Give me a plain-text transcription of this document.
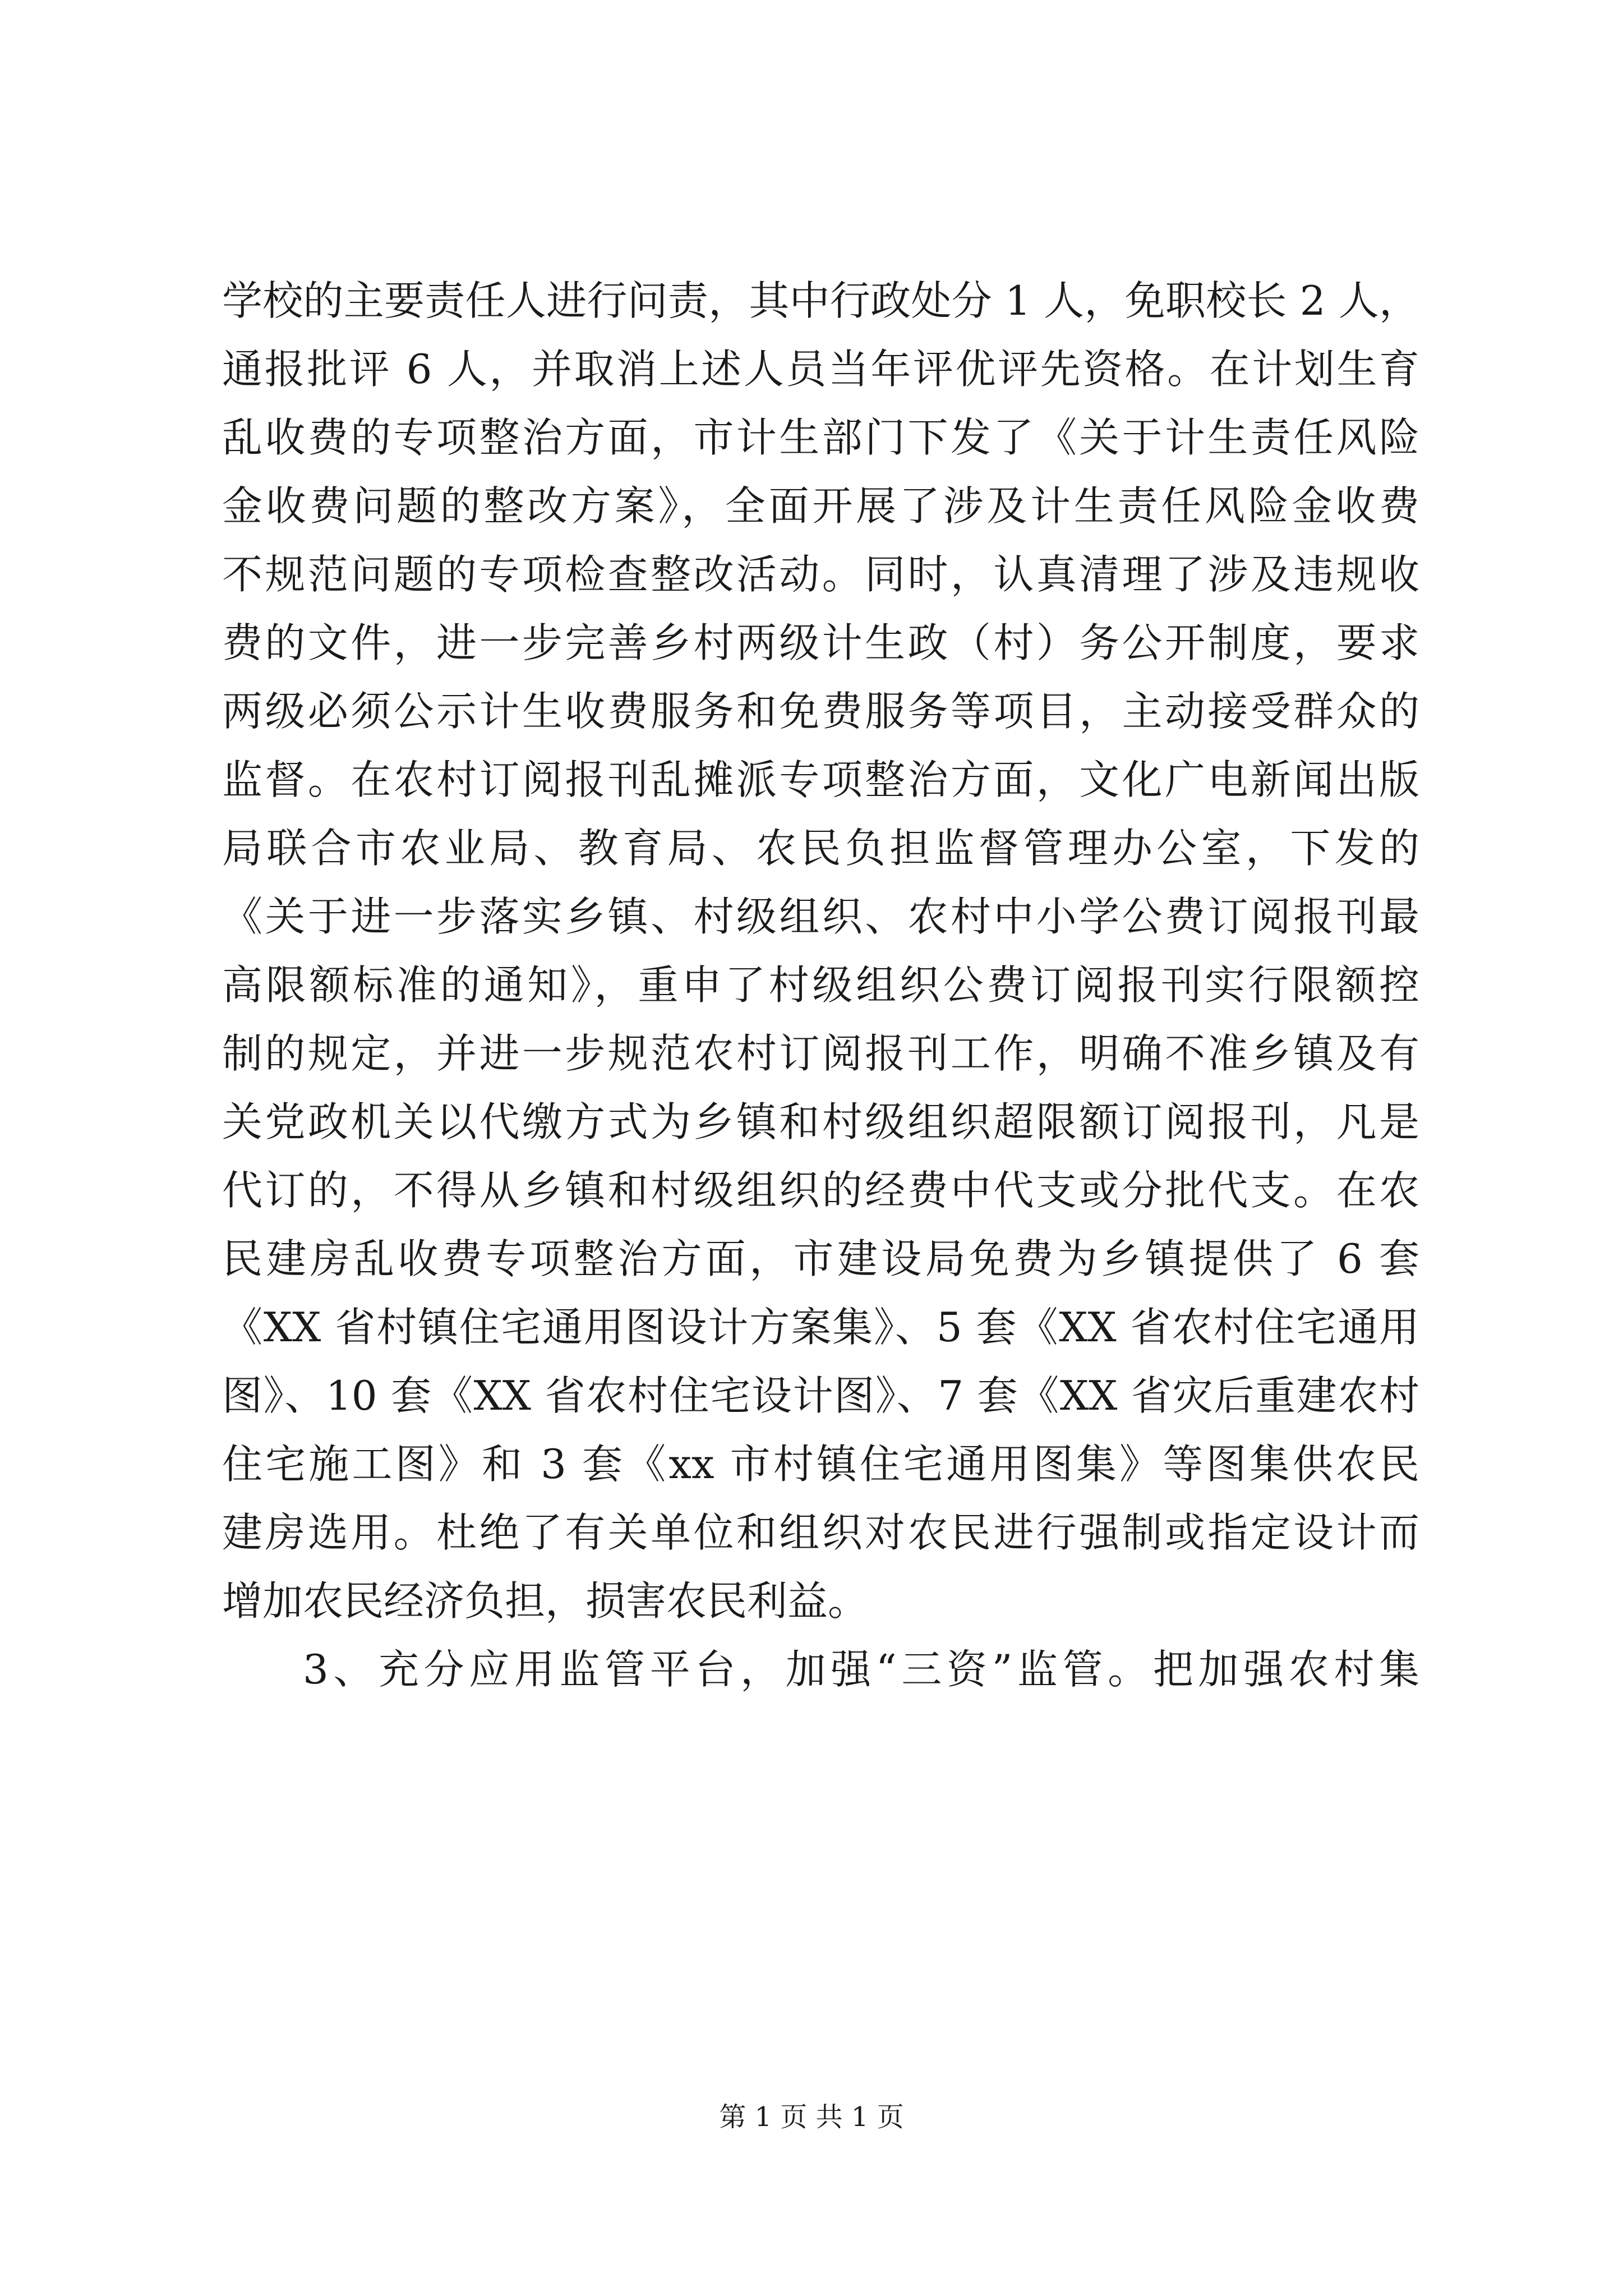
学校的主要责任人进行问责，其中行政处分 1 人，免职校长 2 人，
通报批评 6 人，并取消上述人员当年评优评先资格。在计划生育
乱收费的专项整治方面，市计生部门下发了《关于计生责任风险
金收费问题的整改方案》，全面开展了涉及计生责任风险金收费
不规范问题的专项检查整改活动。同时，认真清理了涉及违规收
费的文件，进一步完善乡村两级计生政（村）务公开制度，要求
两级必须公示计生收费服务和免费服务等项目，主动接受群众的
监督。在农村订阅报刊乱摊派专项整治方面，文化广电新闻出版
局联合市农业局、教育局、农民负担监督管理办公室，下发的
《关于进一步落实乡镇、村级组织、农村中小学公费订阅报刊最
高限额标准的通知》，重申了村级组织公费订阅报刊实行限额控
制的规定，并进一步规范农村订阅报刊工作，明确不准乡镇及有
关党政机关以代缴方式为乡镇和村级组织超限额订阅报刊，凡是
代订的，不得从乡镇和村级组织的经费中代支或分批代支。在农
民建房乱收费专项整治方面，市建设局免费为乡镇提供了 6 套
《XX 省村镇住宅通用图设计方案集》、5 套《XX 省农村住宅通用
图》、10 套《XX 省农村住宅设计图》、7 套《XX 省灾后重建农村
住宅施工图》和 3 套《xx 市村镇住宅通用图集》等图集供农民
建房选用。杜绝了有关单位和组织对农民进行强制或指定设计而
增加农民经济负担，损害农民利益。
3、充分应用监管平台，加强“三资”监管。把加强农村集
第 1 页 共 1 页
